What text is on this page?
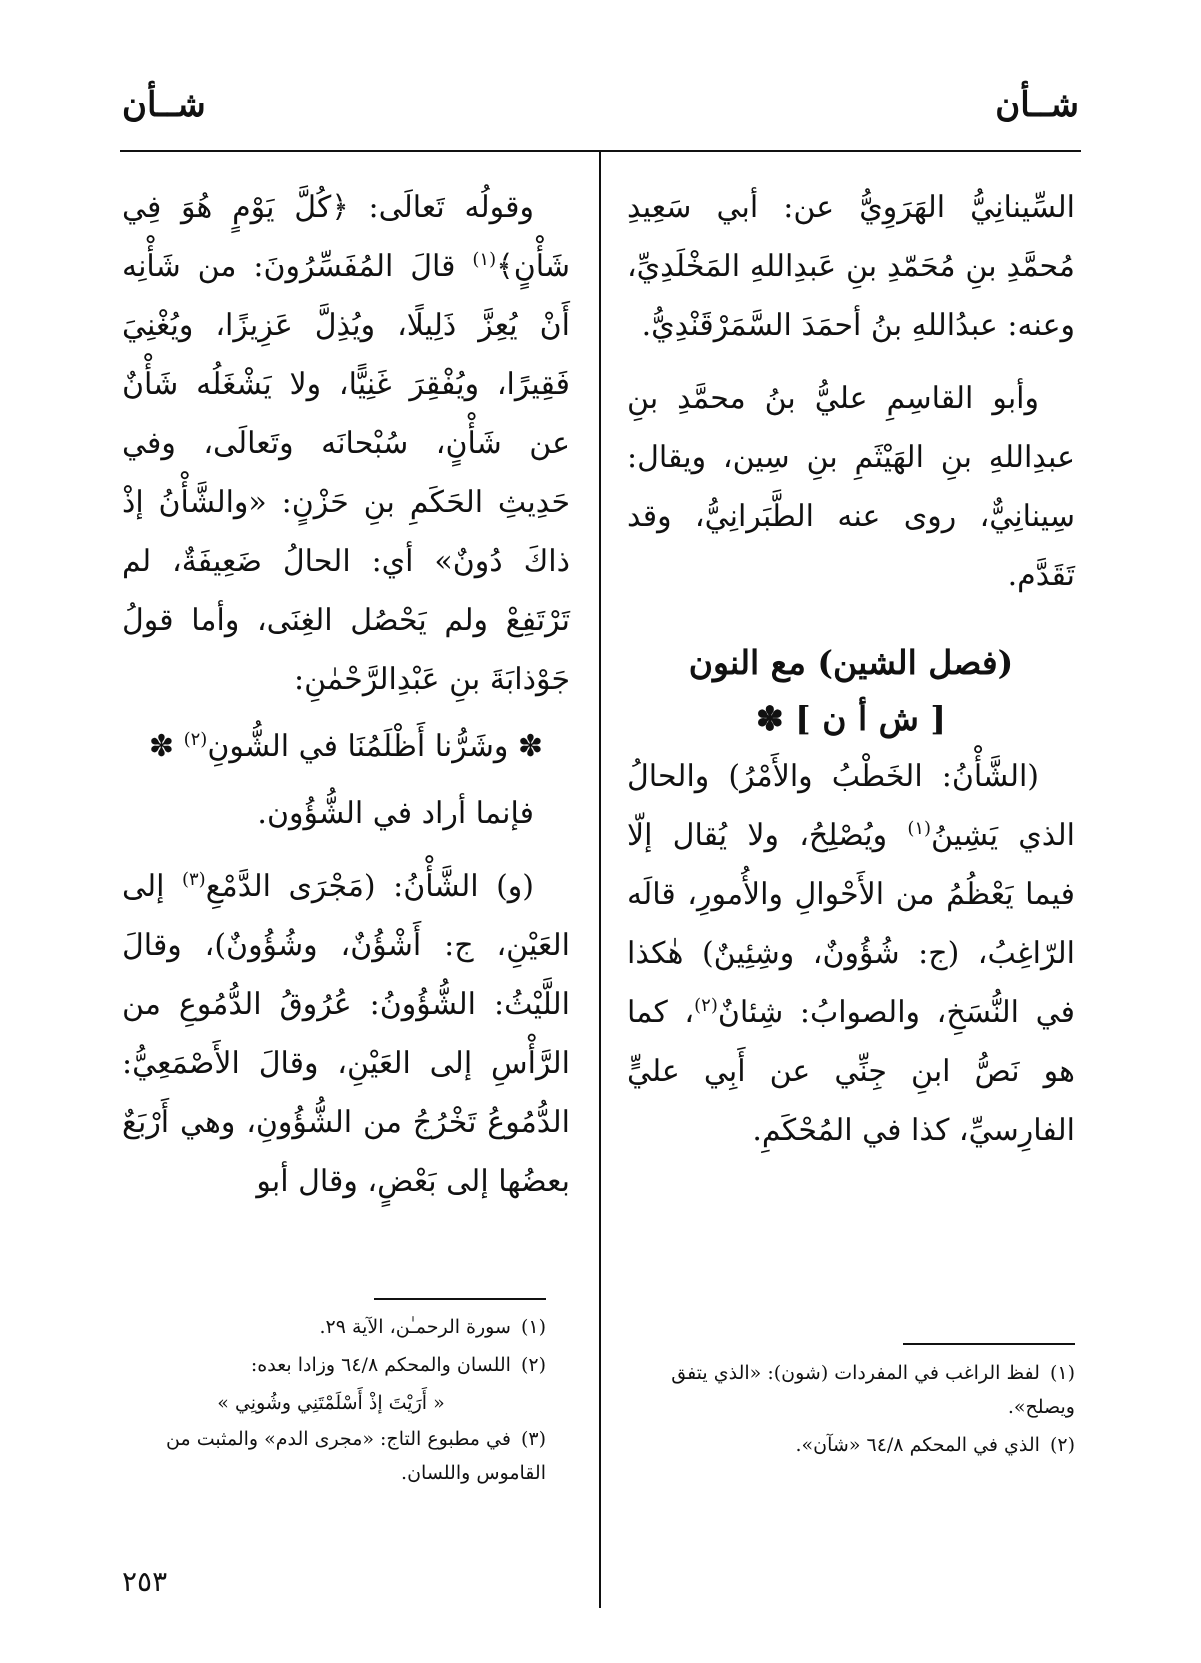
شــأن
شــأن

السِّينانِيُّ الهَرَوِيُّ عن: أبي سَعِيدِ مُحمَّدِ بنِ مُحَمّدِ بنِ عَبدِاللهِ المَخْلَدِيِّ، وعنه: عبدُاللهِ بنُ أحمَدَ السَّمَرْقَنْدِيُّ.

وأبو القاسِمِ عليُّ بنُ محمَّدِ بنِ عبدِاللهِ بنِ الهَيْثَمِ بنِ سِين، ويقال: سِينانِيٌّ، روى عنه الطَّبَرانِيُّ، وقد تَقَدَّم.

(فصل الشين) مع النون
[ ش أ ن ] ✽

(الشَّأْنُ: الخَطْبُ والأَمْرُ) والحالُ الذي يَشِينُ$^{(١)}$ ويُصْلِحُ، ولا يُقال إلّا فيما يَعْظُمُ من الأَحْوالِ والأُمورِ، قالَه الرّاغِبُ، (ج: شُؤُونٌ، وشِئِينٌ) هٰكذا في النُّسَخِ، والصوابُ: شِئانٌ$^{(٢)}$، كما هو نَصُّ ابنِ جِنِّي عن أَبِي عليٍّ الفارِسيِّ، كذا في المُحْكَمِ.

وقولُه تَعالَى: ﴿كُلَّ يَوْمٍ هُوَ فِي شَأْنٍ﴾$^{(١)}$ قالَ المُفَسِّرُونَ: من شَأْنِه أَنْ يُعِزَّ ذَلِيلًا، ويُذِلَّ عَزِيزًا، ويُغْنِيَ فَقِيرًا، ويُفْقِرَ غَنِيًّا، ولا يَشْغَلُه شَأْنٌ عن شَأْنٍ، سُبْحانَه وتَعالَى، وفي حَدِيثِ الحَكَمِ بنِ حَزْنٍ: «والشَّأْنُ إذْ ذاكَ دُونٌ» أي: الحالُ ضَعِيفَةٌ، لم تَرْتَفِعْ ولم يَحْصُل الغِنَى، وأما قولُ جَوْذابَةَ بنِ عَبْدِالرَّحْمٰنِ:

✽ وشَرُّنا أَظْلَمُنَا في الشُّونِ$^{(٢)}$ ✽

فإنما أراد في الشُّؤُون.

(و) الشَّأْنُ: (مَجْرَى الدَّمْعِ$^{(٣)}$ إلى العَيْنِ، ج: أَشْؤُنٌ، وشُؤُونٌ)، وقالَ اللَّيْثُ: الشُّؤُونُ: عُرُوقُ الدُّمُوعِ من الرَّأْسِ إلى العَيْنِ، وقالَ الأَصْمَعِيُّ: الدُّمُوعُ تَخْرُجُ من الشُّؤُونِ، وهي أَرْبَعٌ بعضُها إلى بَعْضٍ، وقال أبو

(١)لفظ الراغب في المفردات (شون): «الذي يتفق ويصلح».
(٢)الذي في المحكم ٦٤/٨ «شآن».
(١)سورة الرحمـٰن، الآية ٢٩.
(٢)اللسان والمحكم ٦٤/٨ وزادا بعده:
« أَرَيْتَ إذْ أَسْلَمْتَنِي وشُونِي »
(٣)في مطبوع التاج: «مجرى الدم» والمثبت من القاموس واللسان.
٢٥٣
